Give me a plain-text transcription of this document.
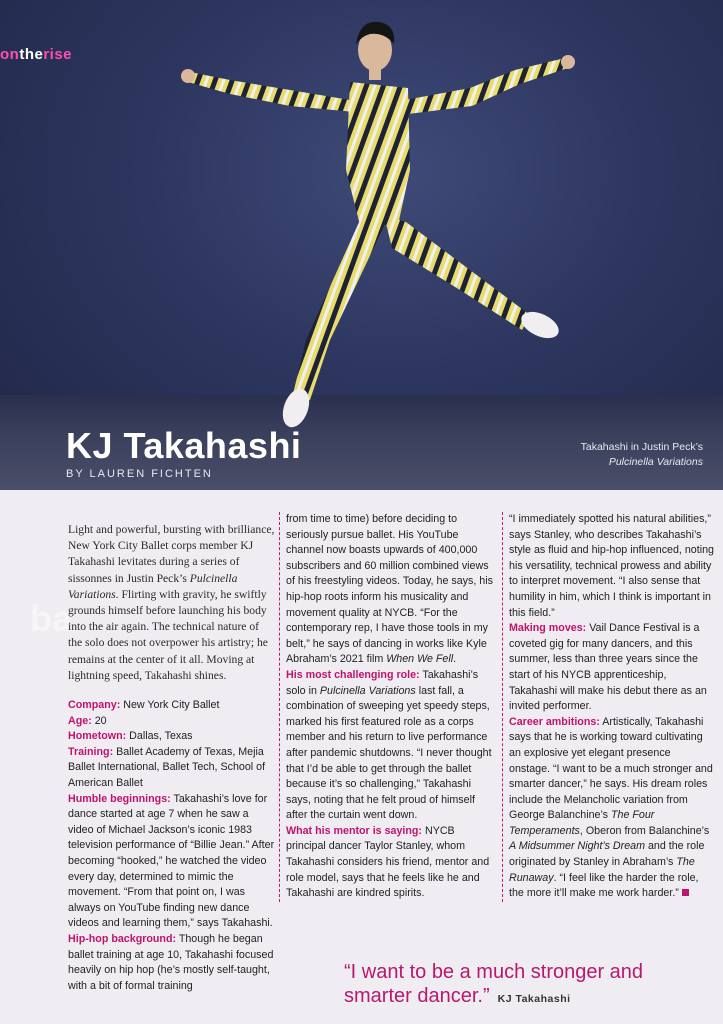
ontherise
KJ Takahashi
BY LAUREN FICHTEN
Takahashi in Justin Peck’s
Pulcinella Variations
ba

Light and powerful, bursting with brilliance, New York City Ballet corps member KJ Takahashi levitates during a series of sissonnes in Justin Peck’s Pulcinella Variations. Flirting with gravity, he swiftly grounds himself before launching his body into the air again. The technical nature of the solo does not overpower his artistry; he remains at the center of it all. Moving at lightning speed, Takahashi shines.

Company: New York City Ballet

Age: 20

Hometown: Dallas, Texas

Training: Ballet Academy of Texas, Mejia Ballet International, Ballet Tech, School of American Ballet

Humble beginnings: Takahashi’s love for dance started at age 7 when he saw a video of Michael Jackson’s iconic 1983 television performance of “Billie Jean.” After becoming “hooked,” he watched the video every day, determined to mimic the movement. “From that point on, I was always on YouTube finding new dance videos and learning them,” says Takahashi.

Hip-hop background: Though he began ballet training at age 10, Takahashi focused heavily on hip hop (he’s mostly self-taught, with a bit of formal training

from time to time) before deciding to seriously pursue ballet. His YouTube channel now boasts upwards of 400,000 subscribers and 60 million combined views of his freestyling videos. Today, he says, his hip-hop roots inform his musicality and movement quality at NYCB. “For the contemporary rep, I have those tools in my belt,” he says of dancing in works like Kyle Abraham’s 2021 film When We Fell.

His most challenging role: Takahashi’s solo in Pulcinella Variations last fall, a combination of sweeping yet speedy steps, marked his first featured role as a corps member and his return to live performance after pandemic shutdowns. “I never thought that I’d be able to get through the ballet because it’s so challenging,” Takahashi says, noting that he felt proud of himself after the curtain went down.

What his mentor is saying: NYCB principal dancer Taylor Stanley, whom Takahashi considers his friend, mentor and role model, says that he feels like he and Takahashi are kindred spirits.

“I immediately spotted his natural abilities,” says Stanley, who describes Takahashi’s style as fluid and hip-hop influenced, noting his versatility, technical prowess and ability to interpret movement. “I also sense that humility in him, which I think is important in this field.”

Making moves: Vail Dance Festival is a coveted gig for many dancers, and this summer, less than three years since the start of his NYCB apprenticeship, Takahashi will make his debut there as an invited performer.

Career ambitions: Artistically, Takahashi says that he is working toward cultivating an explosive yet elegant presence onstage. “I want to be a much stronger and smarter dancer,” he says. His dream roles include the Melancholic variation from George Balanchine’s The Four Temperaments, Oberon from Balanchine’s A Midsummer Night’s Dream and the role originated by Stanley in Abraham’s The Runaway. “I feel like the harder the role, the more it’ll make me work harder.”

“I want to be a much stronger and smarter dancer.” KJ Takahashi
